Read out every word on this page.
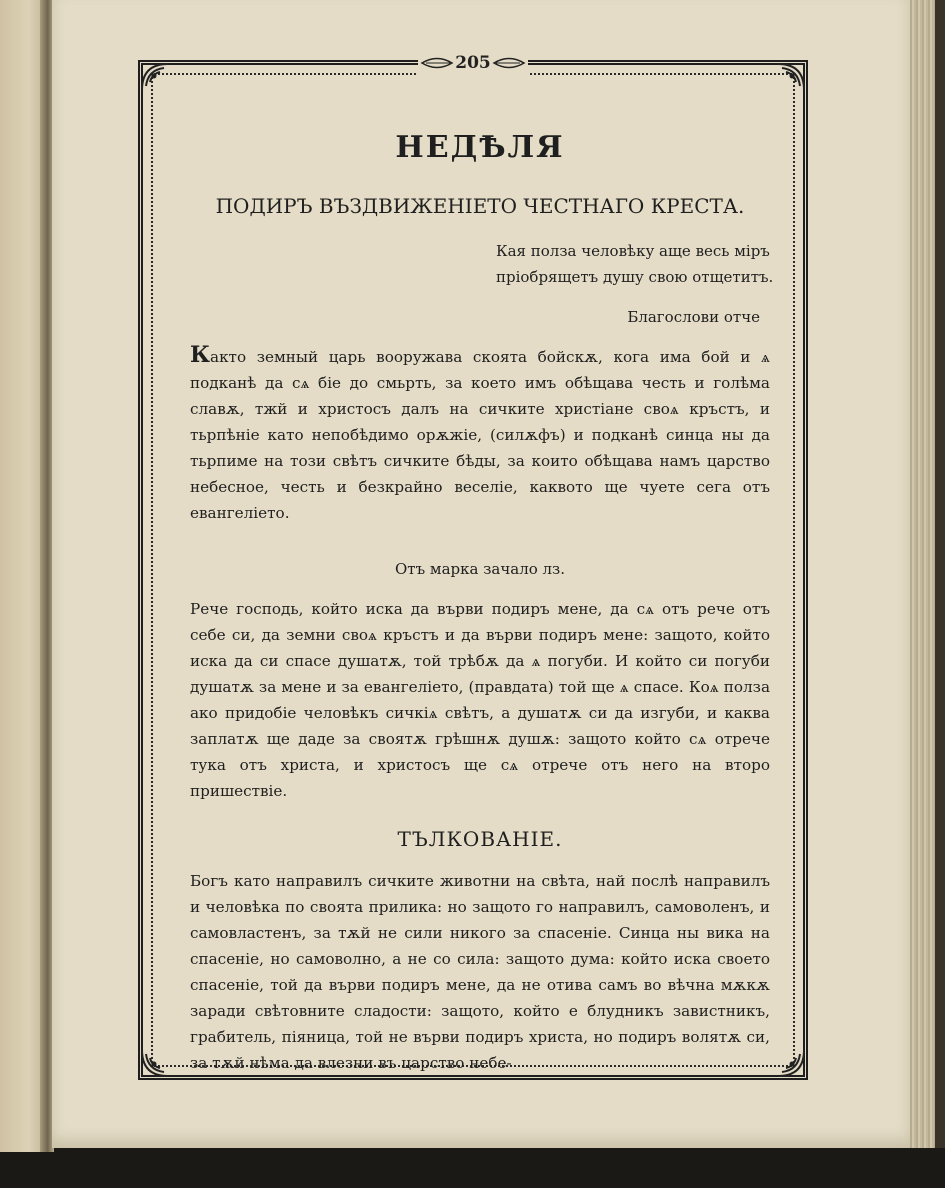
205
НЕДѢЛЯ
ПОДИРЪ ВЪЗДВИЖЕНІЕТО ЧЕСТНАГО КРЕСТА.
Кая полза человѣку аще весь міръ пріобрящетъ душу свою отщетитъ.
Благослови отче

Както земный царь вооружава скоята бойскѫ, кога има бой и ѧ подканѣ да сѧ біе до смьрть, за което имъ обѣщава честь и голѣма славѫ, тжй и христосъ далъ на сичките христіане своѧ кръстъ, и тьрпѣніе като непобѣдимо орѫжіе, (силѫфъ) и подканѣ синца ны да тьрпиме на този свѣтъ сичките бѣды, за които обѣщава намъ царство небесное, честь и безкрайно веселіе, каквото ще чуете сега отъ евангеліето.

Отъ марка зачало лз.

Рече господь, който иска да върви подиръ мене, да сѧ отъ рече отъ себе си, да земни своѧ кръстъ и да върви подиръ мене: защото, който иска да си спасе душатѫ, той трѣбѫ да ѧ погуби. И който си погуби душатѫ за мене и за евангеліето, (правдата) той ще ѧ спасе. Коѧ полза ако придобіе человѣкъ сичкіѧ свѣтъ, а душатѫ си да изгуби, и каква заплатѫ ще даде за своятѫ грѣшнѫ душѫ: защото който сѧ отрече тука отъ христа, и христосъ ще сѧ отрече отъ него на второ пришествіе.

ТЪЛКОВАНІЕ.

Богъ като направилъ сичките животни на свѣта, най послѣ направилъ и человѣка по своята прилика: но защото го направилъ, самоволенъ, и самовластенъ, за тѫй не сили никого за спасеніе. Синца ны вика на спасеніе, но самоволно, а не со сила: защото дума: който иска своето спасеніе, той да върви подиръ мене, да не отива самъ во вѣчна мѫкѫ заради свѣтовните сладости: защото, който е блудникъ завистникъ, грабитель, піяница, той не върви подиръ христа, но подиръ волятѫ си, за тѫй нѣма да влезни въ царство небе-
